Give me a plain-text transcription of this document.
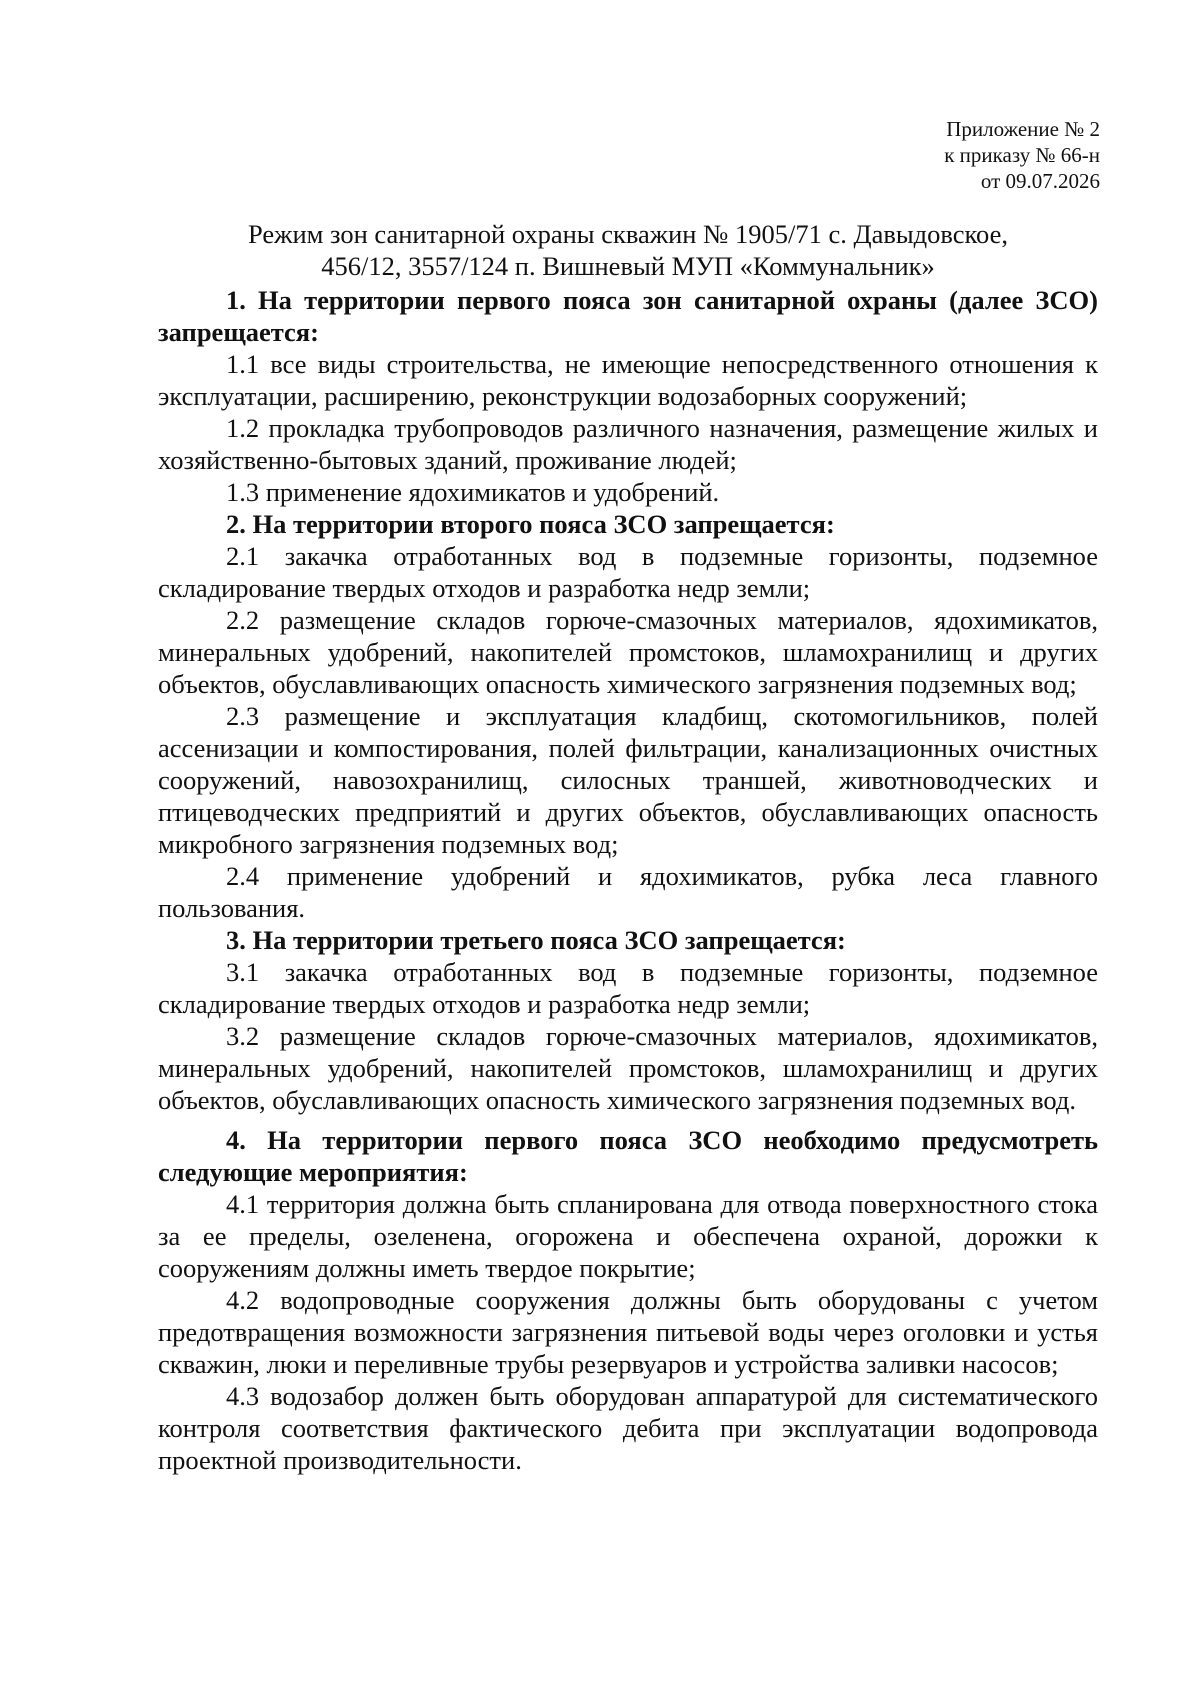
Приложение № 2
к приказу № 66-н
от 09.07.2026
Режим зон санитарной охраны скважин № 1905/71 с. Давыдовское,
456/12, 3557/124 п. Вишневый МУП «Коммунальник»

1. На территории первого пояса зон санитарной охраны (далее ЗСО) запрещается:

1.1 все виды строительства, не имеющие непосредственного отношения к эксплуатации, расширению, реконструкции водозаборных сооружений;

1.2 прокладка трубопроводов различного назначения, размещение жилых и хозяйственно-бытовых зданий, проживание людей;

1.3 применение ядохимикатов и удобрений.

2. На территории второго пояса ЗСО запрещается:

2.1 закачка отработанных вод в подземные горизонты, подземное складирование твердых отходов и разработка недр земли;

2.2 размещение складов горюче-смазочных материалов, ядохимикатов, минеральных удобрений, накопителей промстоков, шламохранилищ и других объектов, обуславливающих опасность химического загрязнения подземных вод;

2.3 размещение и эксплуатация кладбищ, скотомогильников, полей ассенизации и компостирования, полей фильтрации, канализационных очистных сооружений, навозохранилищ, силосных траншей, животноводческих и птицеводческих предприятий и других объектов, обуславливающих опасность микробного загрязнения подземных вод;

2.4 применение удобрений и ядохимикатов, рубка леса главного пользования.

3. На территории третьего пояса ЗСО запрещается:

3.1 закачка отработанных вод в подземные горизонты, подземное складирование твердых отходов и разработка недр земли;

3.2 размещение складов горюче-смазочных материалов, ядохимикатов, минеральных удобрений, накопителей промстоков, шламохранилищ и других объектов, обуславливающих опасность химического загрязнения подземных вод.

4. На территории первого пояса ЗСО необходимо предусмотреть следующие мероприятия:

4.1 территория должна быть спланирована для отвода поверхностного стока за ее пределы, озеленена, огорожена и обеспечена охраной, дорожки к сооружениям должны иметь твердое покрытие;

4.2 водопроводные сооружения должны быть оборудованы с учетом предотвращения возможности загрязнения питьевой воды через оголовки и устья скважин, люки и переливные трубы резервуаров и устройства заливки насосов;

4.3 водозабор должен быть оборудован аппаратурой для систематического контроля соответствия фактического дебита при эксплуатации водопровода проектной производительности.
